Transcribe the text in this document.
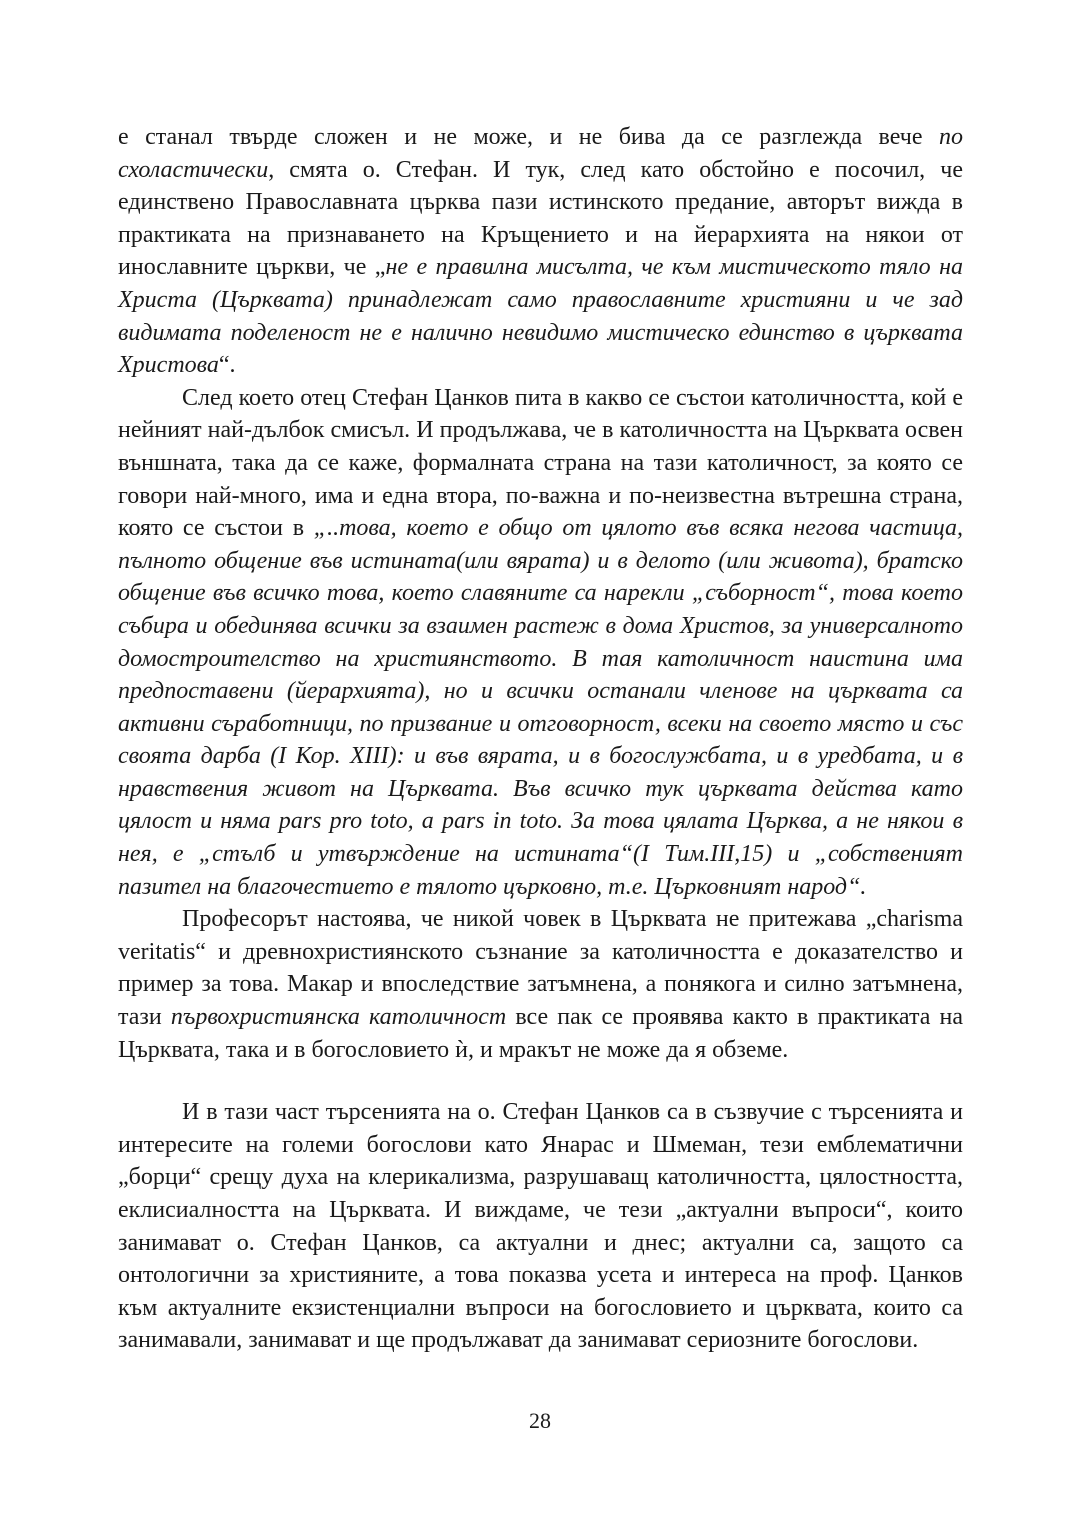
е станал твърде сложен и не може, и не бива да се разглежда вече по схоластически, смята о. Стефан. И тук, след като обстойно е посочил, че единствено Православната църква пази истинското предание, авторът вижда в практиката на признаването на Кръщението и на йерархията на някои от инославните църкви, че „не е правилна мисълта, че към мистическото тяло на Христа (Църквата) принадлежат само православните християни и че зад видимата поделеност не е налично невидимо мистическо единство в църквата Христова“.

След което отец Стефан Цанков пита в какво се състои католичността, кой е нейният най-дълбок смисъл. И продължава, че в католичността на Църквата освен външната, така да се каже, формалната страна на тази католичност, за която се говори най-много, има и една втора, по-важна и по-неизвестна вътрешна страна, която се състои в „..това, което е общо от цялото във всяка негова частица, пълното общение във истината(или вярата) и в делото (или живота), братско общение във всичко това, което славяните са нарекли „съборност“, това което събира и обединява всички за взаимен растеж в дома Христов, за универсалното домостроителство на християнството. В тая католичност наистина има предпоставени (йерархията), но и всички останали членове на църквата са активни сърaботници, по призвание и отговорност, всеки на своето място и със своята дарба (I Кор. XIII): и във вярата, и в богослужбата, и в уредбата, и в нравствения живот на Църквата. Във всичко тук църквата действа като цялост и няма pars pro toto, a pars in toto. За това цялата Църква, а не някои в нея, е „стълб и утвърждение на истината“(I Тим.III,15) и „собственият пазител на благочестието е тялото църковно, т.е. Църковният народ“.

Професорът настоява, че никой човек в Църквата не притежава „charisma veritatis“ и древнохристиянското съзнание за католичността е доказателство и пример за това. Макар и впоследствие затъмнена, а понякога и силно затъмнена, тази първохристиянска католичност все пак се проявява както в практиката на Църквата, така и в богословието ѝ, и мракът не може да я обземе.

И в тази част търсенията на о. Стефан Цанков са в съзвучие с търсенията и интересите на големи богослови като Янарас и Шмеман, тези емблематични „борци“ срещу духа на клерикализма, разрушаващ католичността, цялостността, еклисиалността на Църквата. И виждаме, че тези „актуални въпроси“, които занимават о. Стефан Цанков, са актуални и днес; актуални са, защото са онтологични за християните, а това показва усета и интереса на проф. Цанков към актуалните екзистенциални въпроси на богословието и църквата, които са занимавали, занимават и ще продължават да занимават сериозните богослови.

28
